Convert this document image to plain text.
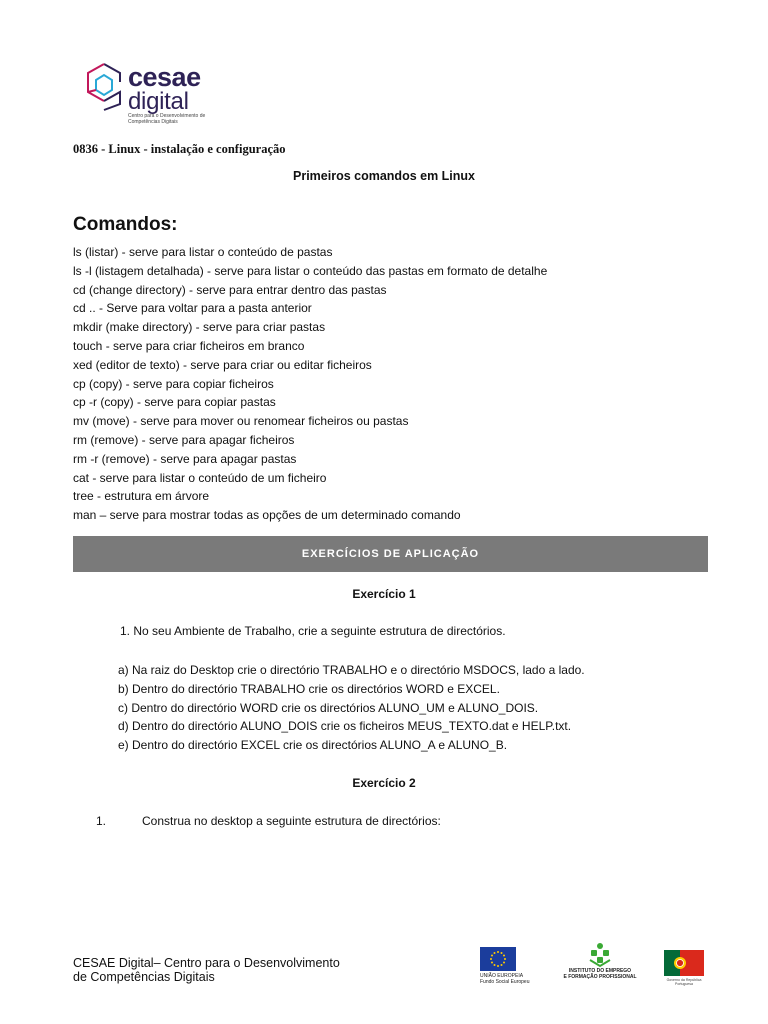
cesae
digital
Centro para o Desenvolvimento de Competências Digitais
0836 - Linux - instalação e configuração
Primeiros comandos em Linux
Comandos:
ls (listar) - serve para listar o conteúdo de pastas
ls -l (listagem detalhada) - serve para listar o conteúdo das pastas em formato de detalhe
cd (change directory) - serve para entrar dentro das pastas
cd .. - Serve para voltar para a pasta anterior
mkdir (make directory) - serve para criar pastas
touch - serve para criar ficheiros em branco
xed (editor de texto) - serve para criar ou editar ficheiros
cp (copy) - serve para copiar ficheiros
cp -r (copy) - serve para copiar pastas
mv (move) - serve para mover ou renomear ficheiros ou pastas
rm (remove) - serve para apagar ficheiros
rm -r (remove) - serve para apagar pastas
cat - serve para listar o conteúdo de um ficheiro
tree - estrutura em árvore
man – serve para mostrar todas as opções de um determinado comando
EXERCÍCIOS DE APLICAÇÃO
Exercício 1
1. No seu Ambiente de Trabalho, crie a seguinte estrutura de directórios.
a) Na raiz do Desktop crie o directório TRABALHO e o directório MSDOCS, lado a lado.
b) Dentro do directório TRABALHO crie os directórios WORD e EXCEL.
c) Dentro do directório WORD crie os directórios ALUNO_UM e ALUNO_DOIS.
d) Dentro do directório ALUNO_DOIS crie os ficheiros MEUS_TEXTO.dat e HELP.txt.
e) Dentro do directório EXCEL crie os directórios ALUNO_A e ALUNO_B.
Exercício 2
1.	Construa no desktop a seguinte estrutura de directórios:
CESAE Digital– Centro para o Desenvolvimento
de Competências Digitais	UNIÃO EUROPEIA
Fundo Social Europeu
INSTITUTO DO EMPREGO
E FORMAÇÃO PROFISSIONAL	Governo da República Portuguesa
